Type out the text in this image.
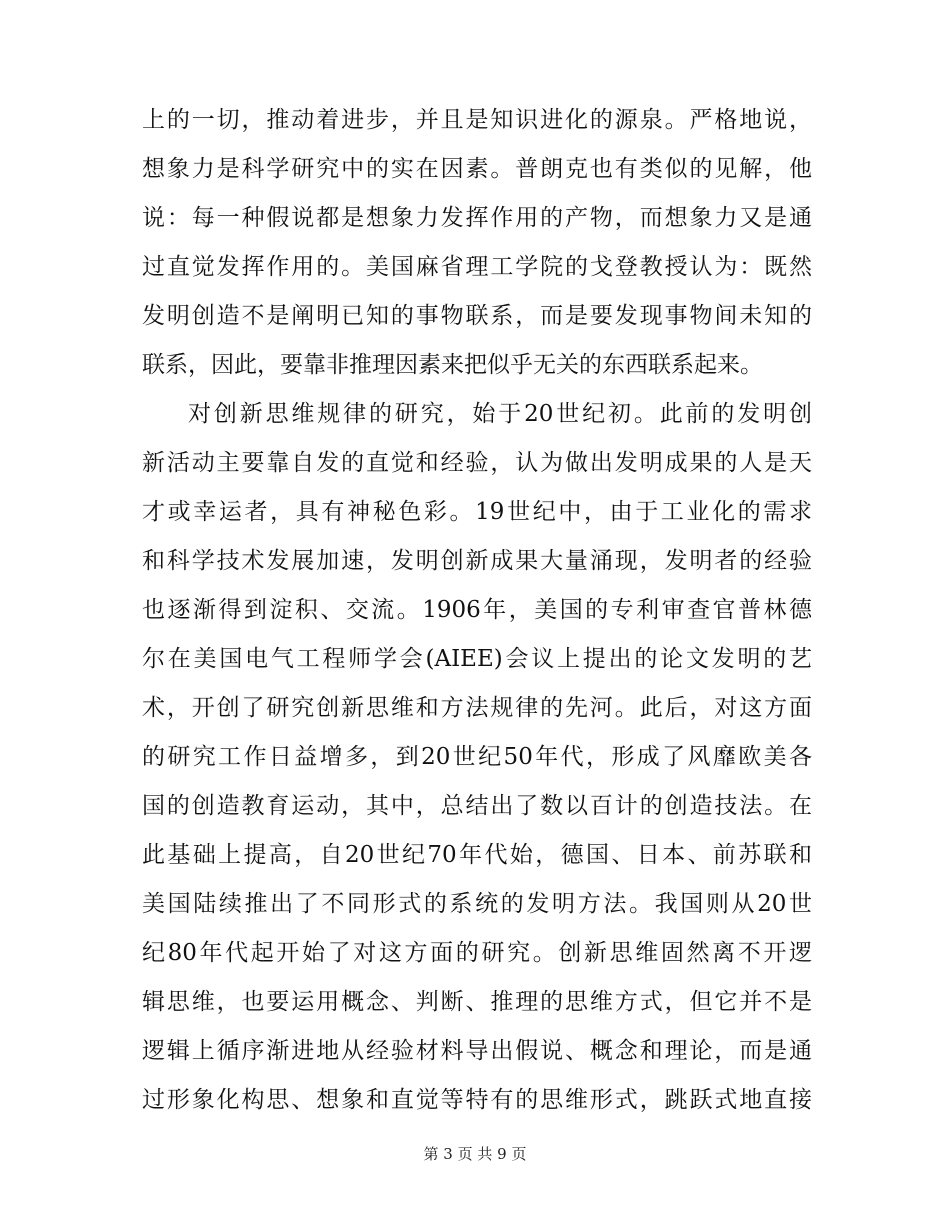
上的一切，推动着进步，并且是知识进化的源泉。严格地说，
想象力是科学研究中的实在因素。普朗克也有类似的见解，他
说：每一种假说都是想象力发挥作用的产物，而想象力又是通
过直觉发挥作用的。美国麻省理工学院的戈登教授认为：既然
发明创造不是阐明已知的事物联系，而是要发现事物间未知的
联系，因此，要靠非推理因素来把似乎无关的东西联系起来。
对创新思维规律的研究，始于20世纪初。此前的发明创
新活动主要靠自发的直觉和经验，认为做出发明成果的人是天
才或幸运者，具有神秘色彩。19世纪中，由于工业化的需求
和科学技术发展加速，发明创新成果大量涌现，发明者的经验
也逐渐得到淀积、交流。1906年，美国的专利审查官普林德
尔在美国电气工程师学会(AIEE)会议上提出的论文发明的艺
术，开创了研究创新思维和方法规律的先河。此后，对这方面
的研究工作日益增多，到20世纪50年代，形成了风靡欧美各
国的创造教育运动，其中，总结出了数以百计的创造技法。在
此基础上提高，自20世纪70年代始，德国、日本、前苏联和
美国陆续推出了不同形式的系统的发明方法。我国则从20世
纪80年代起开始了对这方面的研究。创新思维固然离不开逻
辑思维，也要运用概念、判断、推理的思维方式，但它并不是
逻辑上循序渐进地从经验材料导出假说、概念和理论，而是通
过形象化构思、想象和直觉等特有的思维形式，跳跃式地直接
第 3 页 共 9 页
